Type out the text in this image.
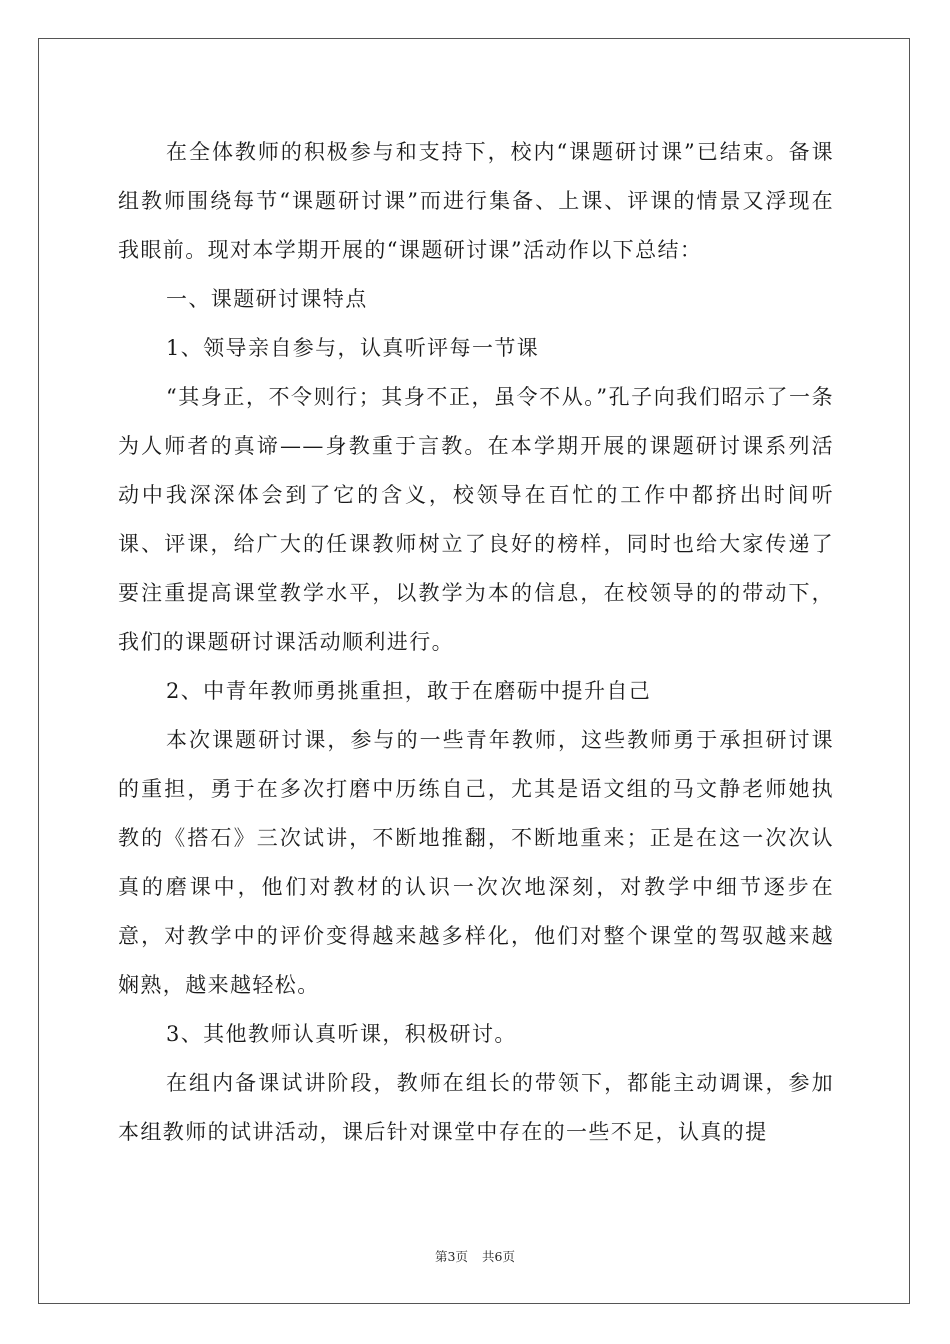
在全体教师的积极参与和支持下，校内“课题研讨课”已结束。备课组教师围绕每节“课题研讨课”而进行集备、上课、评课的情景又浮现在我眼前。现对本学期开展的“课题研讨课”活动作以下总结：

一、课题研讨课特点

1、领导亲自参与，认真听评每一节课

“其身正，不令则行；其身不正，虽令不从。”孔子向我们昭示了一条为人师者的真谛——身教重于言教。在本学期开展的课题研讨课系列活动中我深深体会到了它的含义，校领导在百忙的工作中都挤出时间听课、评课，给广大的任课教师树立了良好的榜样，同时也给大家传递了要注重提高课堂教学水平，以教学为本的信息，在校领导的的带动下，我们的课题研讨课活动顺利进行。

2、中青年教师勇挑重担，敢于在磨砺中提升自己

本次课题研讨课，参与的一些青年教师，这些教师勇于承担研讨课的重担，勇于在多次打磨中历练自己，尤其是语文组的马文静老师她执教的《搭石》三次试讲，不断地推翻，不断地重来；正是在这一次次认真的磨课中，他们对教材的认识一次次地深刻，对教学中细节逐步在意，对教学中的评价变得越来越多样化，他们对整个课堂的驾驭越来越娴熟，越来越轻松。

3、其他教师认真听课，积极研讨。

在组内备课试讲阶段，教师在组长的带领下，都能主动调课，参加本组教师的试讲活动，课后针对课堂中存在的一些不足，认真的提

第3页 共6页
